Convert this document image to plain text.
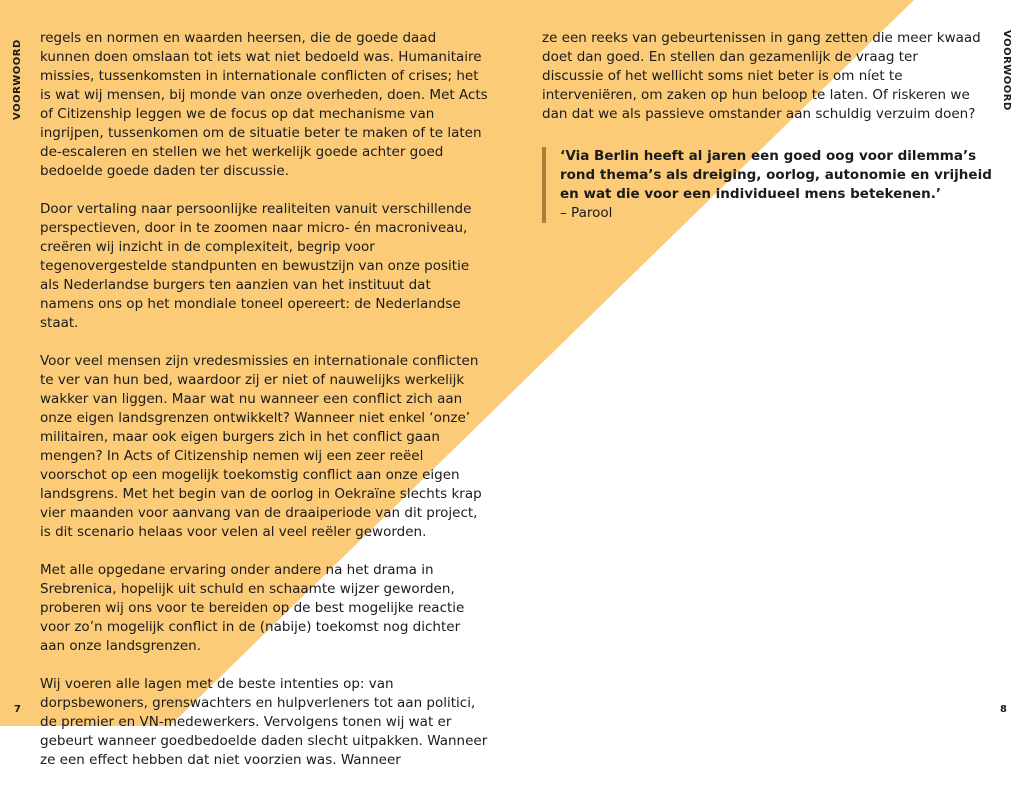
VOORWOORD	VOORWOORD

regels en normen en waarden heersen, die de goede daad kunnen doen omslaan tot iets wat niet bedoeld was. Humanitaire missies, tussenkomsten in internationale conflicten of crises; het is wat wij mensen, bij monde van onze overheden, doen. Met Acts of Citizenship leggen we de focus op dat mechanisme van ingrijpen, tussenkomen om de situatie beter te maken of te laten de-escaleren en stellen we het werkelijk goede achter goed bedoelde goede daden ter discussie.

Door vertaling naar persoonlijke realiteiten vanuit verschillende perspectieven, door in te zoomen naar micro- én macroniveau, creëren wij inzicht in de complexiteit, begrip voor tegenovergestelde standpunten en bewustzijn van onze positie als Nederlandse burgers ten aanzien van het instituut dat namens ons op het mondiale toneel opereert: de Nederlandse staat.

Voor veel mensen zijn vredesmissies en internationale conflicten te ver van hun bed, waardoor zij er niet of nauwelijks werkelijk wakker van liggen. Maar wat nu wanneer een conflict zich aan onze eigen landsgrenzen ontwikkelt? Wanneer niet enkel ‘onze’ militairen, maar ook eigen burgers zich in het conflict gaan mengen? In Acts of Citizenship nemen wij een zeer reëel voorschot op een mogelijk toekomstig conflict aan onze eigen landsgrens. Met het begin van de oorlog in Oekraïne slechts krap vier maanden voor aanvang van de draaiperiode van dit project, is dit scenario helaas voor velen al veel reëler geworden.

Met alle opgedane ervaring onder andere na het drama in Srebrenica, hopelijk uit schuld en schaamte wijzer geworden, proberen wij ons voor te bereiden op de best mogelijke reactie voor zo’n mogelijk conflict in de (nabije) toekomst nog dichter aan onze landsgrenzen.

Wij voeren alle lagen met de beste intenties op: van dorpsbewoners, grenswachters en hulpverleners tot aan politici, de premier en VN-medewerkers. Vervolgens tonen wij wat er gebeurt wanneer goedbedoelde daden slecht uitpakken. Wanneer ze een effect hebben dat niet voorzien was. Wanneer

ze een reeks van gebeurtenissen in gang zetten die meer kwaad doet dan goed. En stellen dan gezamenlijk de vraag ter discussie of het wellicht soms niet beter is om níet te interveniëren, om zaken op hun beloop te laten. Of riskeren we dan dat we als passieve omstander aan schuldig verzuim doen?

‘Via Berlin heeft al jaren een goed oog voor dilemma’s rond thema’s als dreiging, oorlog, autonomie en vrijheid en wat die voor een individueel mens betekenen.’

– Parool

7	8
